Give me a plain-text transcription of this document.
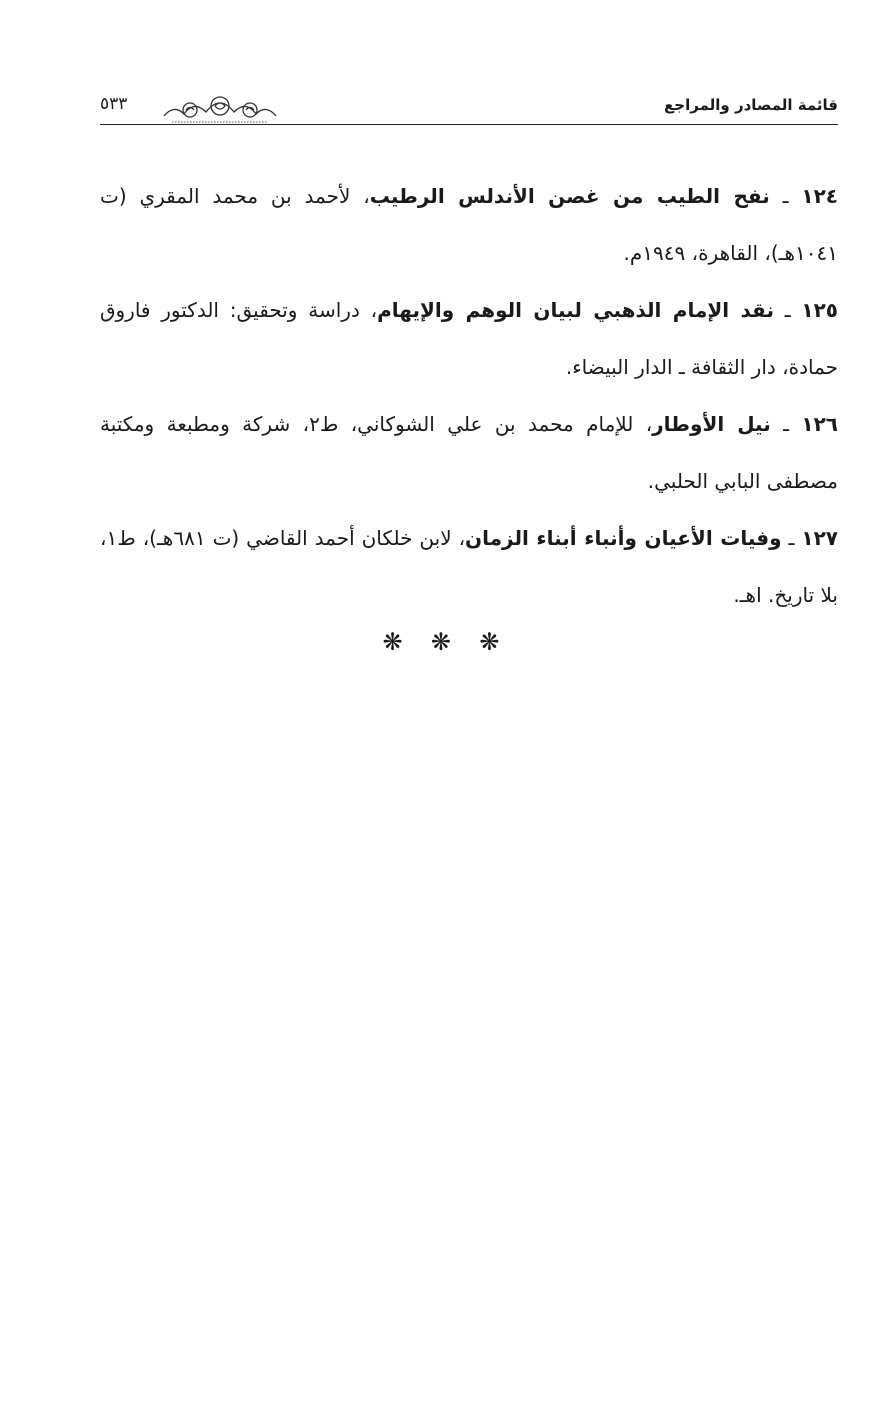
قائمة المصادر والمراجع
٥٣٣

١٢٤ ـ نفح الطيب من غصن الأندلس الرطيب، لأحمد بن محمد المقري (ت ١٠٤١هـ)، القاهرة، ١٩٤٩م.

١٢٥ ـ نقد الإمام الذهبي لبيان الوهم والإيهام، دراسة وتحقيق: الدكتور فاروق حمادة، دار الثقافة ـ الدار البيضاء.

١٢٦ ـ نيل الأوطار، للإمام محمد بن علي الشوكاني، ط٢، شركة ومطبعة ومكتبة مصطفى البابي الحلبي.

١٢٧ ـ وفيات الأعيان وأنباء أبناء الزمان، لابن خلكان أحمد القاضي (ت ٦٨١هـ)، ط١، بلا تاريخ. اهـ.

❋ ❋ ❋
